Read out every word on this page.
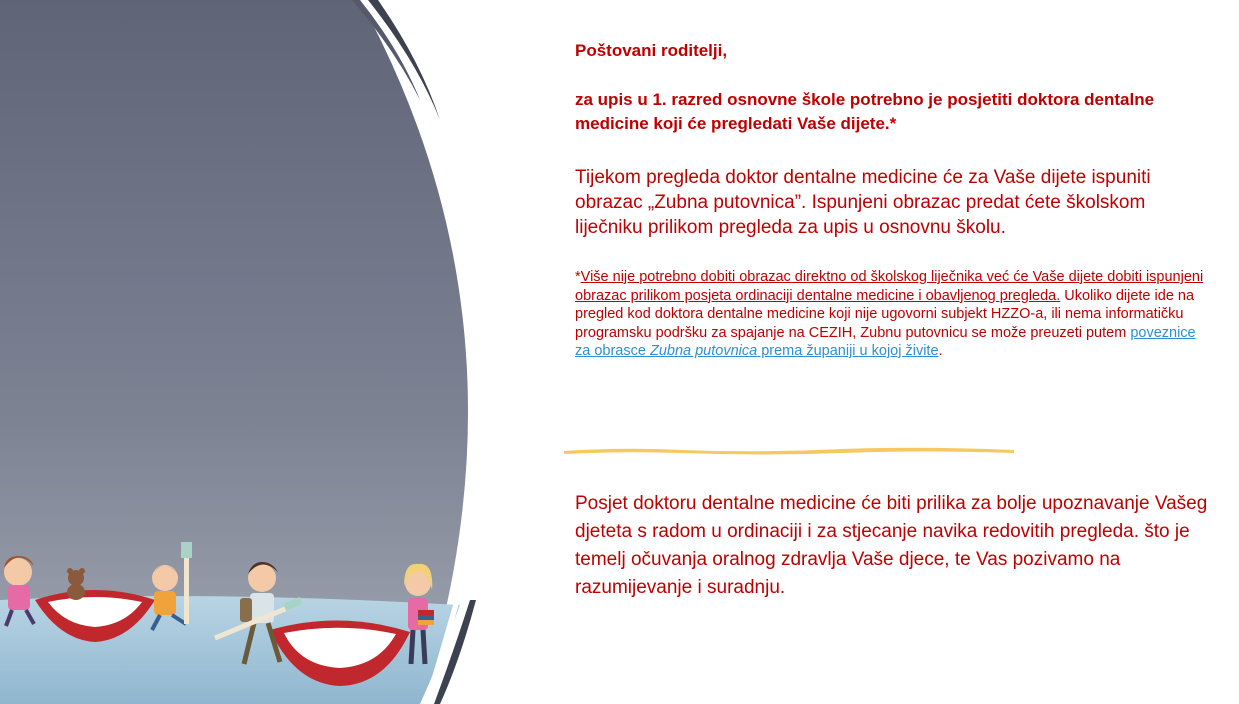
Poštovani roditelji,
za upis u 1. razred osnovne škole potrebno je posjetiti doktora dentalne medicine koji će pregledati Vaše dijete.*
Tijekom pregleda doktor dentalne medicine će za Vaše dijete ispuniti obrazac „Zubna putovnica”. Ispunjeni obrazac predat ćete školskom liječniku prilikom pregleda za upis u osnovnu školu.
*Više nije potrebno dobiti obrazac direktno od školskog liječnika već će Vaše dijete dobiti ispunjeni obrazac prilikom posjeta ordinaciji dentalne medicine i obavljenog pregleda. Ukoliko dijete ide na pregled kod doktora dentalne medicine koji nije ugovorni subjekt HZZO-a, ili nema informatičku programsku podršku za spajanje na CEZIH, Zubnu putovnicu se može preuzeti putem poveznice za obrasce Zubna putovnica prema županiji u kojoj živite.
Posjet doktoru dentalne medicine će biti prilika za bolje upoznavanje Vašeg djeteta s radom u ordinaciji i za stjecanje navika redovitih pregleda. što je temelj očuvanja oralnog zdravlja Vaše djece, te Vas pozivamo na razumijevanje i suradnju.
